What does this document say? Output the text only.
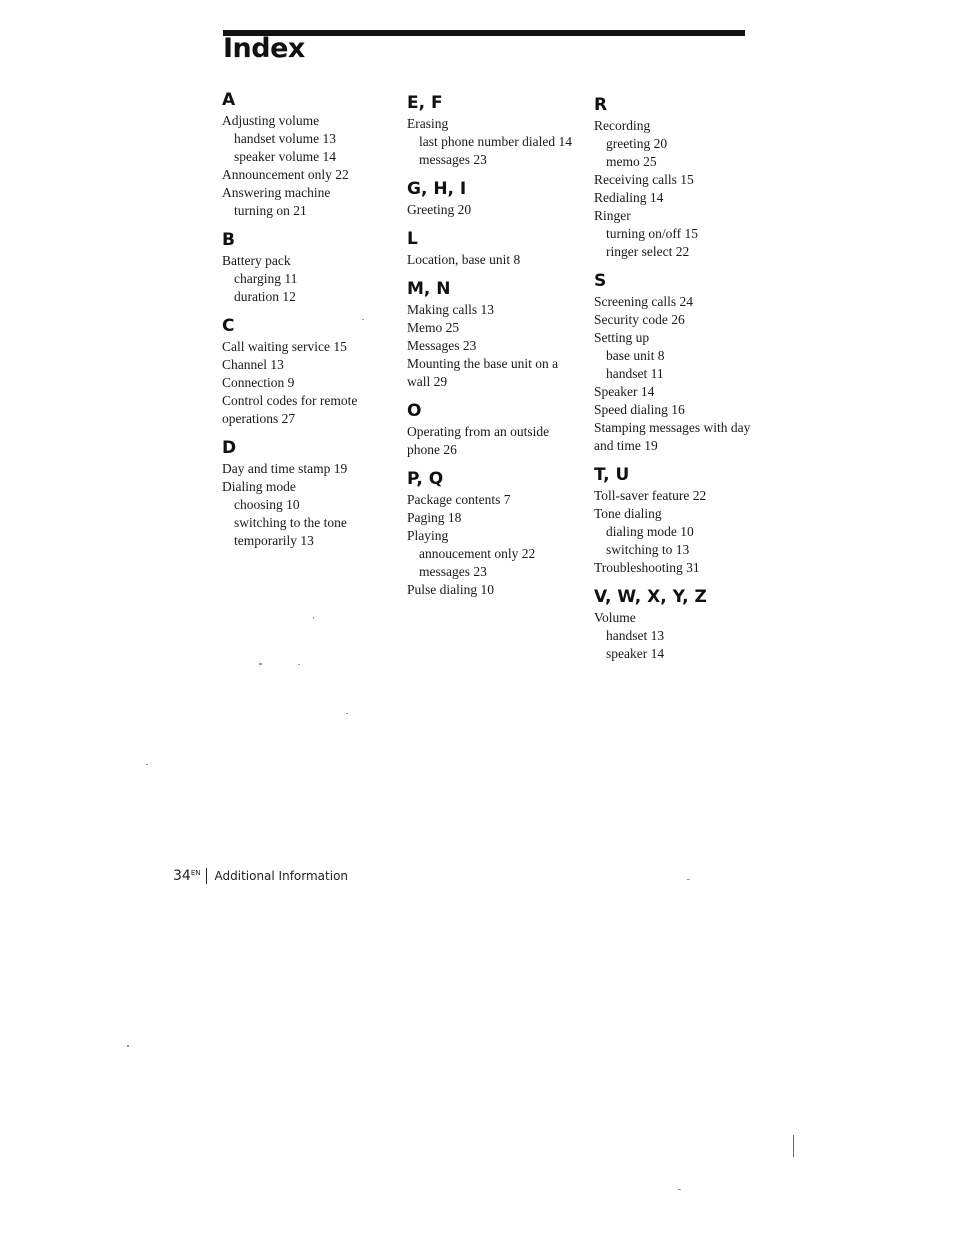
Index
A
Adjusting volume
handset volume 13
speaker volume 14
Announcement only 22
Answering machine
turning on 21
B
Battery pack
charging 11
duration 12
C
Call waiting service 15
Channel 13
Connection 9
Control codes for remote operations 27
D
Day and time stamp 19
Dialing mode
choosing 10
switching to the tone temporarily 13
E, F
Erasing
last phone number dialed 14
messages 23
G, H, I
Greeting 20
L
Location, base unit 8
M, N
Making calls 13
Memo 25
Messages 23
Mounting the base unit on a wall 29
O
Operating from an outside phone 26
P, Q
Package contents 7
Paging 18
Playing
annoucement only 22
messages 23
Pulse dialing 10
R
Recording
greeting 20
memo 25
Receiving calls 15
Redialing 14
Ringer
turning on/off 15
ringer select 22
S
Screening calls 24
Security code 26
Setting up
base unit 8
handset 11
Speaker 14
Speed dialing 16
Stamping messages with day and time 19
T, U
Toll-saver feature 22
Tone dialing
dialing mode 10
switching to 13
Troubleshooting 31
V, W, X, Y, Z
Volume
handset 13
speaker 14
$34^{EN}$ Additional Information
